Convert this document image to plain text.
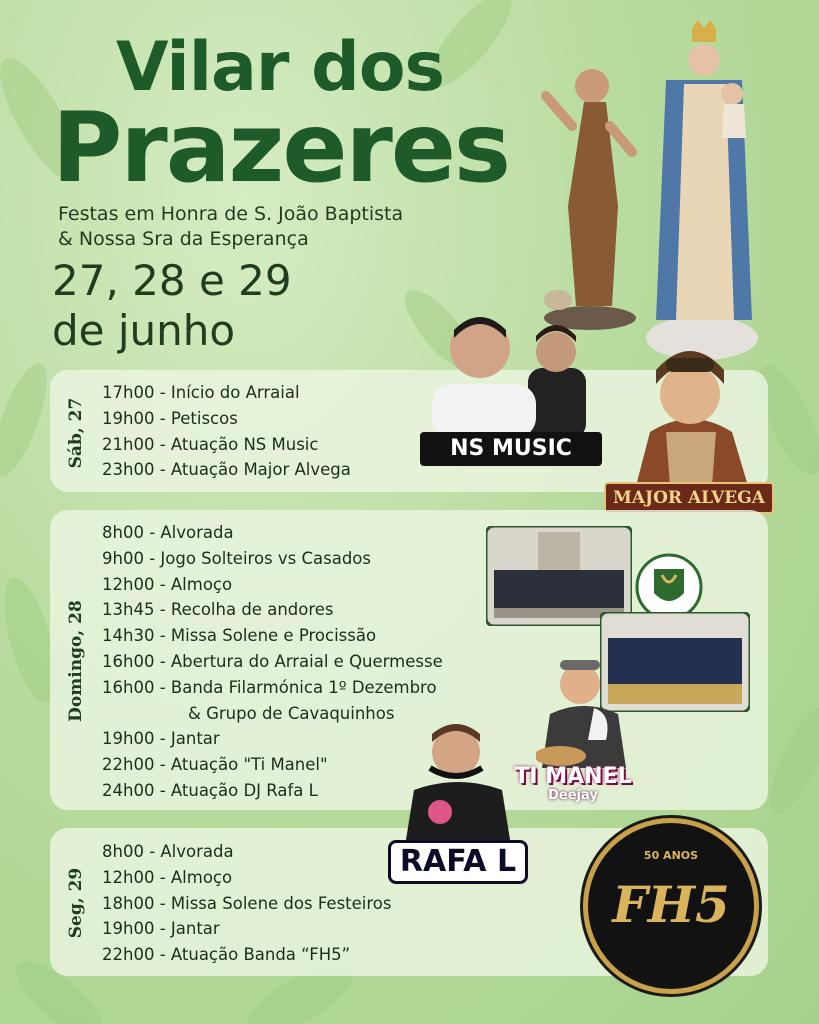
Vilar dos
Prazeres
Festas em Honra de S. João Baptista
& Nossa Sra da Esperança
27, 28 e 29
de junho
Sáb, 27
17h00 - Início do Arraial
19h00 - Petiscos
21h00 - Atuação NS Music
23h00 - Atuação Major Alvega
NS MUSIC
MAJOR ALVEGA
Domingo, 28
8h00 - Alvorada
9h00 - Jogo Solteiros vs Casados
12h00 - Almoço
13h45 - Recolha de andores
14h30 - Missa Solene e Procissão
16h00 - Abertura do Arraial e Quermesse
16h00 - Banda Filarmónica 1º Dezembro
& Grupo de Cavaquinhos
19h00 - Jantar
22h00 - Atuação "Ti Manel"
24h00 - Atuação DJ Rafa L
TI MANEL
Deejay
Seg, 29
8h00 - Alvorada
12h00 - Almoço
18h00 - Missa Solene dos Festeiros
19h00 - Jantar
22h00 - Atuação Banda “FH5”
RAFA L	50 ANOS
FH5
